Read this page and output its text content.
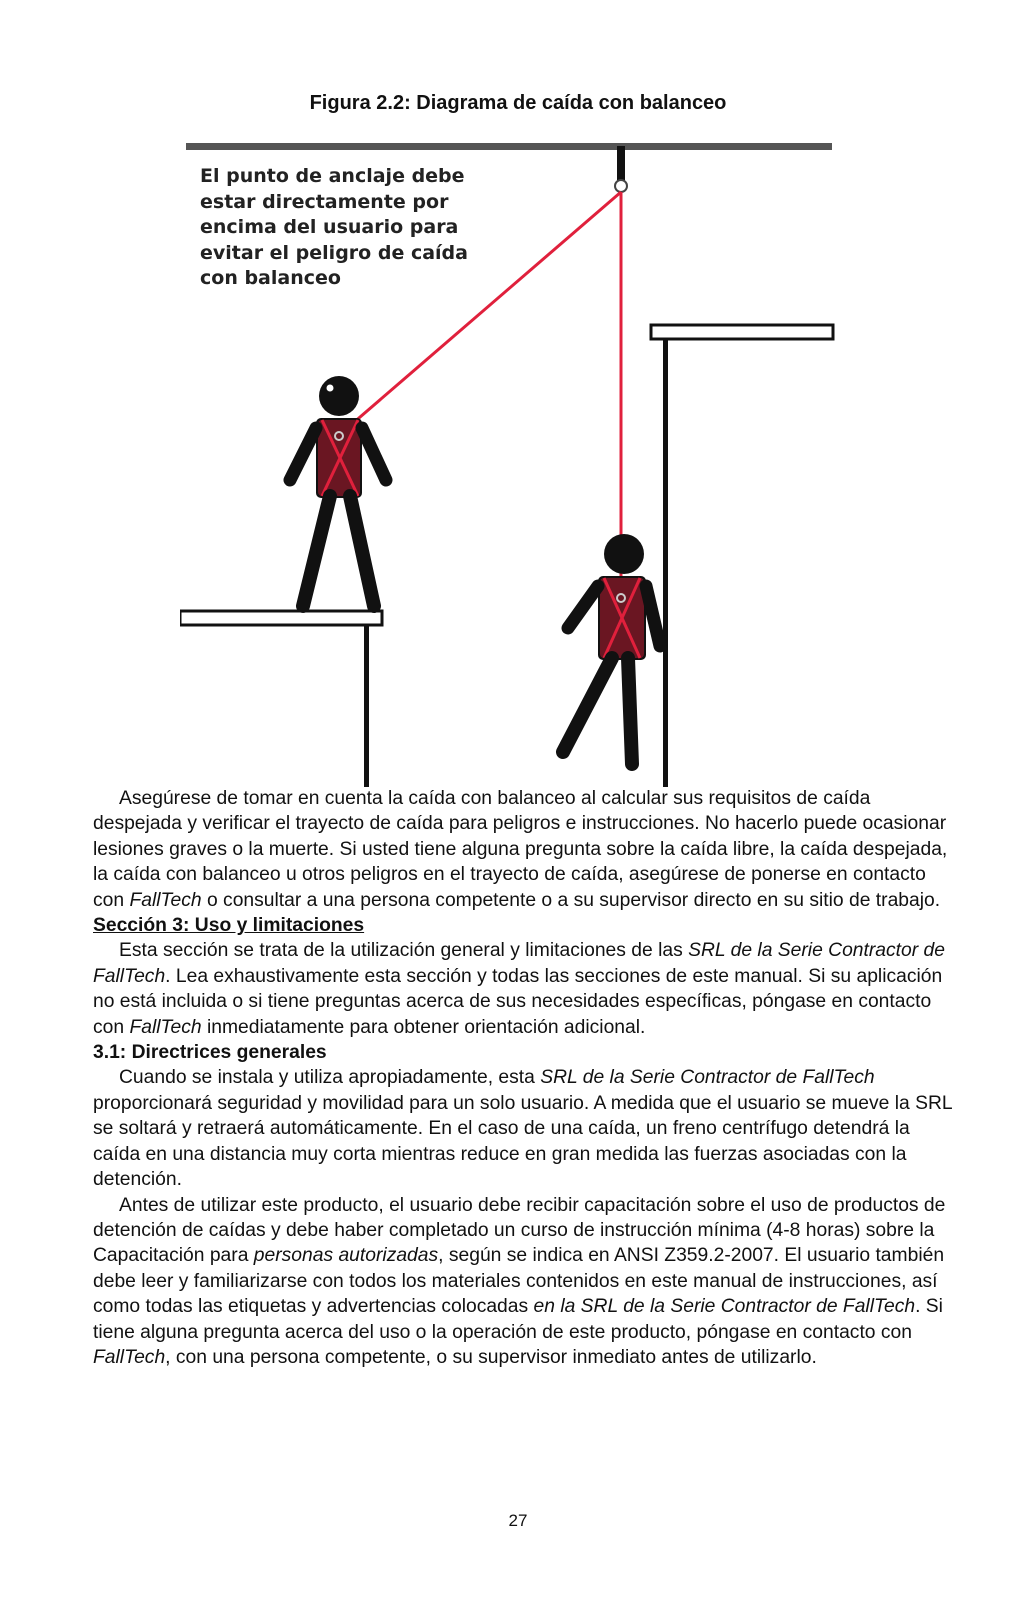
Figura 2.2: Diagrama de caída con balanceo
El punto de anclaje debe
estar directamente por
encima del usuario para
evitar el peligro de caída
con balanceo

Asegúrese de tomar en cuenta la caída con balanceo al calcular sus requisitos de caída despejada y verificar el trayecto de caída para peligros e instrucciones. No hacerlo puede ocasionar lesiones graves o la muerte. Si usted tiene alguna pregunta sobre la caída libre, la caída despejada, la caída con balanceo u otros peligros en el trayecto de caída, asegúrese de ponerse en contacto con FallTech o consultar a una persona competente o a su supervisor directo en su sitio de trabajo.

Sección 3: Uso y limitaciones

Esta sección se trata de la utilización general y limitaciones de las SRL de la Serie Contractor de FallTech. Lea exhaustivamente esta sección y todas las secciones de este manual. Si su aplicación no está incluida o si tiene preguntas acerca de sus necesidades específicas, póngase en contacto con FallTech inmediatamente para obtener orientación adicional.

3.1: Directrices generales

Cuando se instala y utiliza apropiadamente, esta SRL de la Serie Contractor de FallTech proporcionará seguridad y movilidad para un solo usuario. A medida que el usuario se mueve la SRL se soltará y retraerá automáticamente. En el caso de una caída, un freno centrífugo detendrá la caída en una distancia muy corta mientras reduce en gran medida las fuerzas asociadas con la detención.

Antes de utilizar este producto, el usuario debe recibir capacitación sobre el uso de productos de detención de caídas y debe haber completado un curso de instrucción mínima (4-8 horas) sobre la Capacitación para personas autorizadas, según se indica en ANSI Z359.2-2007. El usuario también debe leer y familiarizarse con todos los materiales contenidos en este manual de instrucciones, así como todas las etiquetas y advertencias colocadas en la SRL de la Serie Contractor de FallTech. Si tiene alguna pregunta acerca del uso o la operación de este producto, póngase en contacto con FallTech, con una persona competente, o su supervisor inmediato antes de utilizarlo.

27
